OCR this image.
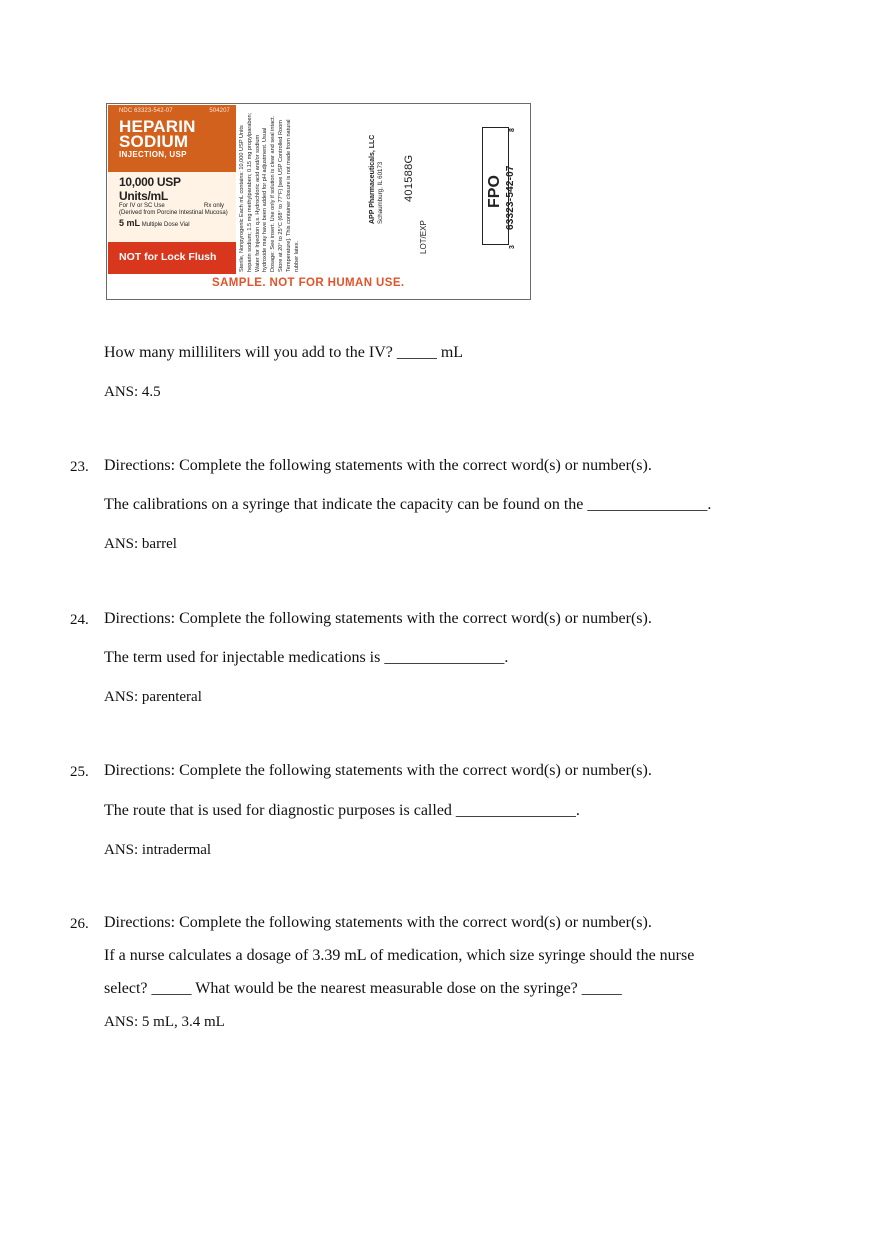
NDC 63323-542-07	504207
HEPARIN
SODIUM
INJECTION, USP
10,000 USP Units/mL
For IV or SC Use	Rx only
(Derived from Porcine Intestinal Mucosa)
5 mL Multiple Dose Vial
NOT for Lock Flush	Sterile, Nonpyrogenic Each mL contains: 10,000 USP Units heparin sodium; 1.5 mg methylparaben; 0.15 mg propylparaben; Water for Injection q.s. Hydrochloric acid and/or sodium hydroxide may have been added for pH adjustment. Usual Dosage: See insert. Use only if solution is clear and seal intact. Store at 20° to 25°C (68° to 77°F) [see USP Controlled Room Temperature]. This container closure is not made from natural rubber latex.
APP Pharmaceuticals, LLC
Schaumburg, IL 60173 401588G
LOT/EXP
FPO 63323-542-07
3
8
SAMPLE. NOT FOR HUMAN USE.
How many milliliters will you add to the IV? _____ mL
ANS: 4.5
23. Directions: Complete the following statements with the correct word(s) or number(s).
The calibrations on a syringe that indicate the capacity can be found on the _______________.
ANS: barrel
24. Directions: Complete the following statements with the correct word(s) or number(s).
The term used for injectable medications is _______________.
ANS: parenteral
25. Directions: Complete the following statements with the correct word(s) or number(s).
The route that is used for diagnostic purposes is called _______________.
ANS: intradermal
26. Directions: Complete the following statements with the correct word(s) or number(s).
If a nurse calculates a dosage of 3.39 mL of medication, which size syringe should the nurse
select? _____ What would be the nearest measurable dose on the syringe? _____
ANS: 5 mL, 3.4 mL
